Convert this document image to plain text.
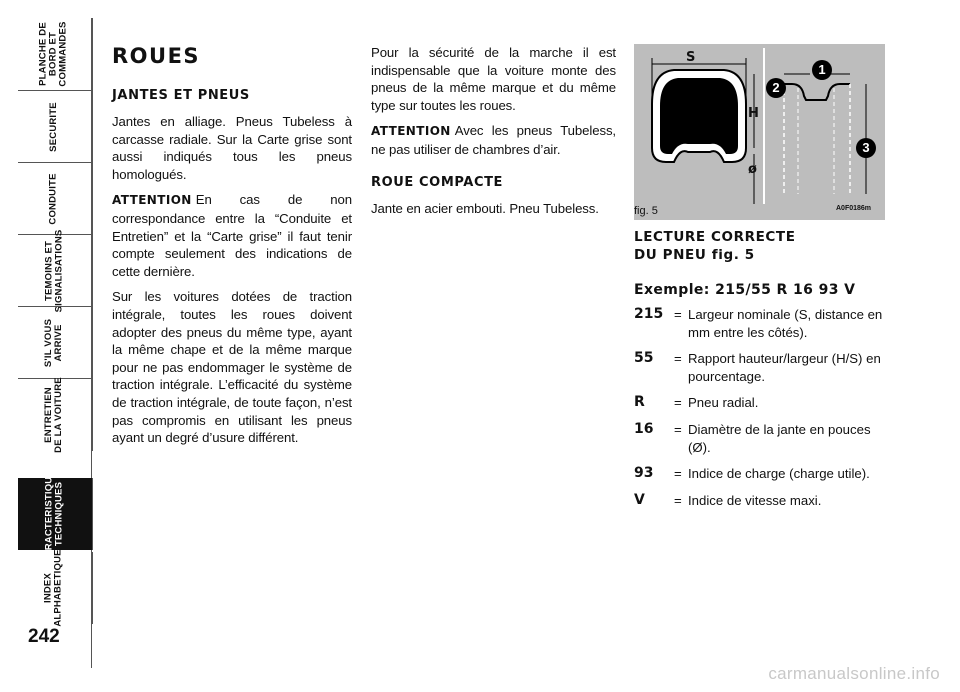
PLANCHE DE
BORD ET
COMMANDES
SECURITE
CONDUITE
TEMOINS ET
SIGNALISATIONS
S'IL VOUS
ARRIVE
ENTRETIEN
DE LA VOITURE
CARACTERISTIQUES
TECHNIQUES
INDEX
ALPHABETIQUE
242
ROUES
JANTES ET PNEUS

Jantes en alliage. Pneus Tubeless à carcasse radiale. Sur la Carte grise sont aussi indiqués tous les pneus homologués.

ATTENTION En cas de non correspondance entre la “Conduite et Entretien” et la “Carte grise” il faut tenir compte seulement des indications de cette dernière.

Sur les voitures dotées de traction intégrale, toutes les roues doivent adopter des pneus du même type, ayant la même chape et de la même marque pour ne pas endommager le système de traction intégrale. L’efficacité du système de traction intégrale, de toute façon, n’est pas compromis en utilisant les pneus ayant un degré d’usure différent.

Pour la sécurité de la marche il est indispensable que la voiture monte des pneus de la même marque et du même type sur toutes les roues.

ATTENTION Avec les pneus Tubeless, ne pas utiliser de chambres d’air.

ROUE COMPACTE

Jante en acier embouti. Pneu Tubeless.

S
H
ø
1
2
3
fig. 5	A0F0186m
LECTURE CORRECTE
DU PNEU fig. 5
Exemple: 215/55 R 16 93 V
215 = Largeur nominale (S, distance en mm entre les côtés).
55	= Rapport hauteur/largeur (H/S) en pourcentage.
R	= Pneu radial.
16	= Diamètre de la jante en pouces (Ø).
93	= Indice de charge (charge utile).
V	= Indice de vitesse maxi.
carmanualsonline.info
